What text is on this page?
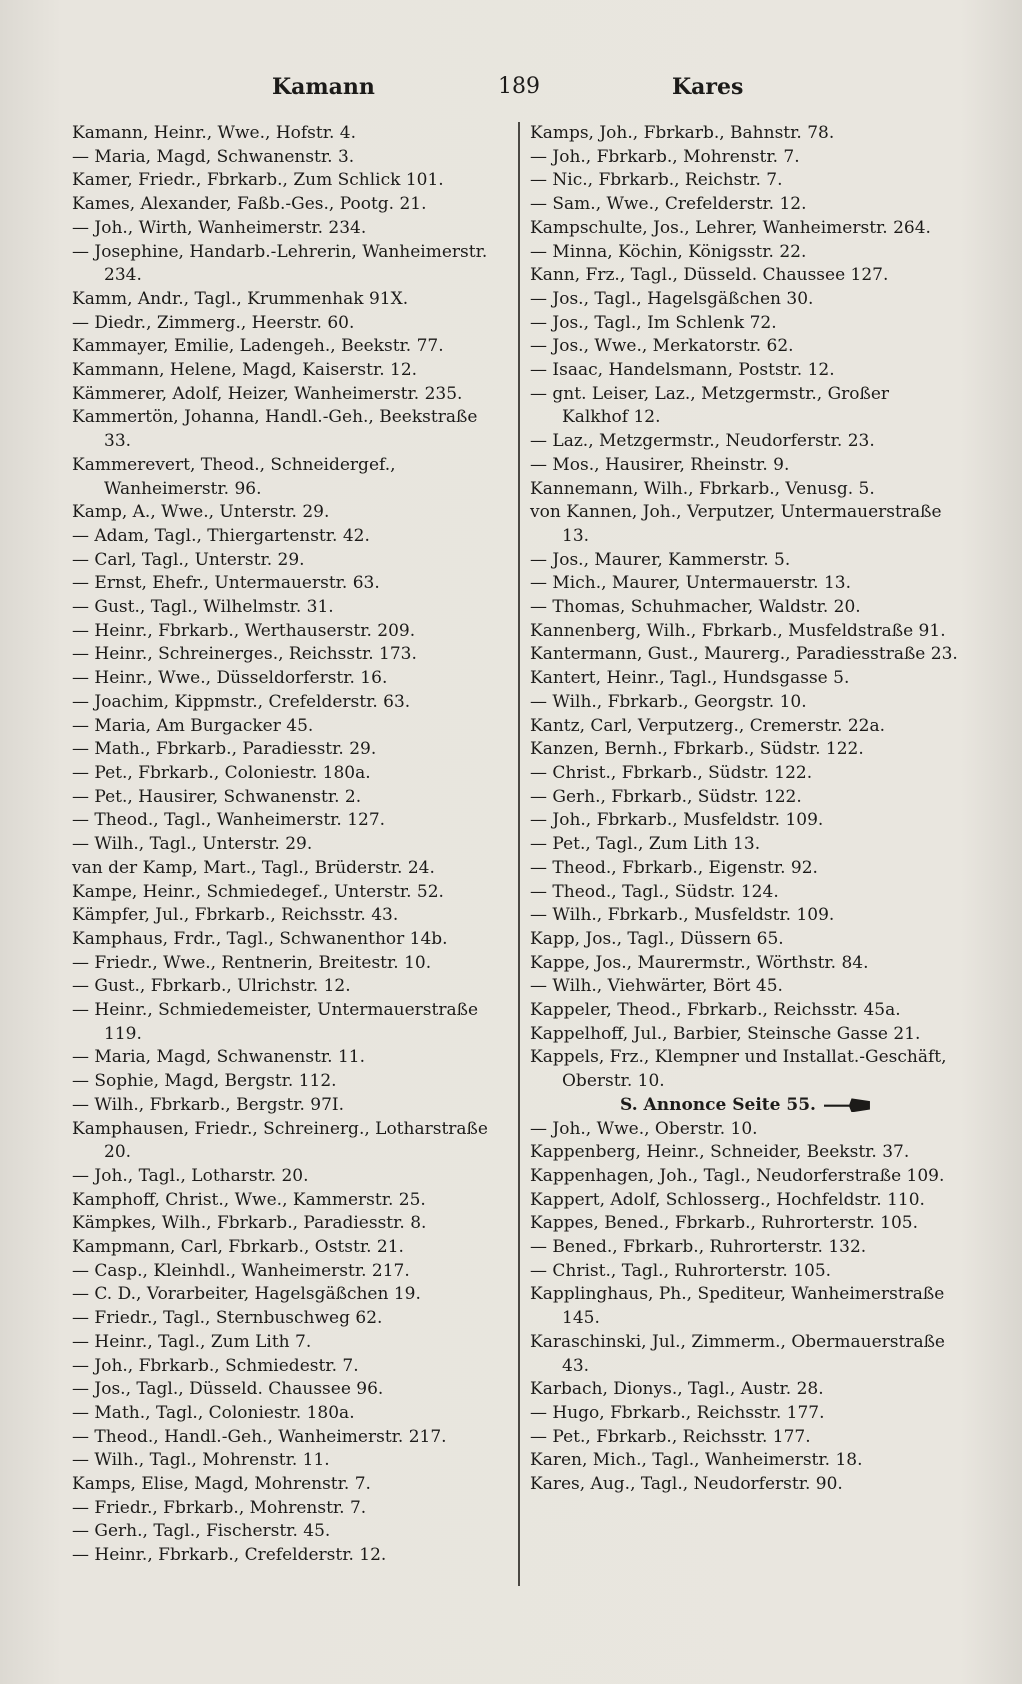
Kamann	189	Kares
Kamann, Heinr., Wwe., Hofstr. 4.
— Maria, Magd, Schwanenstr. 3.
Kamer, Friedr., Fbrkarb., Zum Schlick 101.
Kames, Alexander, Faßb.-Ges., Pootg. 21.
— Joh., Wirth, Wanheimerstr. 234.
— Josephine, Handarb.-Lehrerin, Wanheimerstr. 234.
Kamm, Andr., Tagl., Krummenhak 91X.
— Diedr., Zimmerg., Heerstr. 60.
Kammayer, Emilie, Ladengeh., Beekstr. 77.
Kammann, Helene, Magd, Kaiserstr. 12.
Kämmerer, Adolf, Heizer, Wanheimerstr. 235.
Kammertön, Johanna, Handl.-Geh., Beekstraße 33.
Kammerevert, Theod., Schneidergef., Wanheimerstr. 96.
Kamp, A., Wwe., Unterstr. 29.
— Adam, Tagl., Thiergartenstr. 42.
— Carl, Tagl., Unterstr. 29.
— Ernst, Ehefr., Untermauerstr. 63.
— Gust., Tagl., Wilhelmstr. 31.
— Heinr., Fbrkarb., Werthauserstr. 209.
— Heinr., Schreinerges., Reichsstr. 173.
— Heinr., Wwe., Düsseldorferstr. 16.
— Joachim, Kippmstr., Crefelderstr. 63.
— Maria, Am Burgacker 45.
— Math., Fbrkarb., Paradiesstr. 29.
— Pet., Fbrkarb., Coloniestr. 180a.
— Pet., Hausirer, Schwanenstr. 2.
— Theod., Tagl., Wanheimerstr. 127.
— Wilh., Tagl., Unterstr. 29.
van der Kamp, Mart., Tagl., Brüderstr. 24.
Kampe, Heinr., Schmiedegef., Unterstr. 52.
Kämpfer, Jul., Fbrkarb., Reichsstr. 43.
Kamphaus, Frdr., Tagl., Schwanenthor 14b.
— Friedr., Wwe., Rentnerin, Breitestr. 10.
— Gust., Fbrkarb., Ulrichstr. 12.
— Heinr., Schmiedemeister, Untermauerstraße 119.
— Maria, Magd, Schwanenstr. 11.
— Sophie, Magd, Bergstr. 112.
— Wilh., Fbrkarb., Bergstr. 97I.
Kamphausen, Friedr., Schreinerg., Lotharstraße 20.
— Joh., Tagl., Lotharstr. 20.
Kamphoff, Christ., Wwe., Kammerstr. 25.
Kämpkes, Wilh., Fbrkarb., Paradiesstr. 8.
Kampmann, Carl, Fbrkarb., Oststr. 21.
— Casp., Kleinhdl., Wanheimerstr. 217.
— C. D., Vorarbeiter, Hagelsgäßchen 19.
— Friedr., Tagl., Sternbuschweg 62.
— Heinr., Tagl., Zum Lith 7.
— Joh., Fbrkarb., Schmiedestr. 7.
— Jos., Tagl., Düsseld. Chaussee 96.
— Math., Tagl., Coloniestr. 180a.
— Theod., Handl.-Geh., Wanheimerstr. 217.
— Wilh., Tagl., Mohrenstr. 11.
Kamps, Elise, Magd, Mohrenstr. 7.
— Friedr., Fbrkarb., Mohrenstr. 7.
— Gerh., Tagl., Fischerstr. 45.
— Heinr., Fbrkarb., Crefelderstr. 12.
Kamps, Joh., Fbrkarb., Bahnstr. 78.
— Joh., Fbrkarb., Mohrenstr. 7.
— Nic., Fbrkarb., Reichstr. 7.
— Sam., Wwe., Crefelderstr. 12.
Kampschulte, Jos., Lehrer, Wanheimerstr. 264.
— Minna, Köchin, Königsstr. 22.
Kann, Frz., Tagl., Düsseld. Chaussee 127.
— Jos., Tagl., Hagelsgäßchen 30.
— Jos., Tagl., Im Schlenk 72.
— Jos., Wwe., Merkatorstr. 62.
— Isaac, Handelsmann, Poststr. 12.
— gnt. Leiser, Laz., Metzgermstr., Großer Kalkhof 12.
— Laz., Metzgermstr., Neudorferstr. 23.
— Mos., Hausirer, Rheinstr. 9.
Kannemann, Wilh., Fbrkarb., Venusg. 5.
von Kannen, Joh., Verputzer, Untermauerstraße 13.
— Jos., Maurer, Kammerstr. 5.
— Mich., Maurer, Untermauerstr. 13.
— Thomas, Schuhmacher, Waldstr. 20.
Kannenberg, Wilh., Fbrkarb., Musfeldstraße 91.
Kantermann, Gust., Maurerg., Paradiesstraße 23.
Kantert, Heinr., Tagl., Hundsgasse 5.
— Wilh., Fbrkarb., Georgstr. 10.
Kantz, Carl, Verputzerg., Cremerstr. 22a.
Kanzen, Bernh., Fbrkarb., Südstr. 122.
— Christ., Fbrkarb., Südstr. 122.
— Gerh., Fbrkarb., Südstr. 122.
— Joh., Fbrkarb., Musfeldstr. 109.
— Pet., Tagl., Zum Lith 13.
— Theod., Fbrkarb., Eigenstr. 92.
— Theod., Tagl., Südstr. 124.
— Wilh., Fbrkarb., Musfeldstr. 109.
Kapp, Jos., Tagl., Düssern 65.
Kappe, Jos., Maurermstr., Wörthstr. 84.
— Wilh., Viehwärter, Bört 45.
Kappeler, Theod., Fbrkarb., Reichsstr. 45a.
Kappelhoff, Jul., Barbier, Steinsche Gasse 21.
Kappels, Frz., Klempner und Installat.-Geschäft, Oberstr. 10.
S. Annonce Seite 55.
— Joh., Wwe., Oberstr. 10.
Kappenberg, Heinr., Schneider, Beekstr. 37.
Kappenhagen, Joh., Tagl., Neudorferstraße 109.
Kappert, Adolf, Schlosserg., Hochfeldstr. 110.
Kappes, Bened., Fbrkarb., Ruhrorterstr. 105.
— Bened., Fbrkarb., Ruhrorterstr. 132.
— Christ., Tagl., Ruhrorterstr. 105.
Kapplinghaus, Ph., Spediteur, Wanheimerstraße 145.
Karaschinski, Jul., Zimmerm., Obermauerstraße 43.
Karbach, Dionys., Tagl., Austr. 28.
— Hugo, Fbrkarb., Reichsstr. 177.
— Pet., Fbrkarb., Reichsstr. 177.
Karen, Mich., Tagl., Wanheimerstr. 18.
Kares, Aug., Tagl., Neudorferstr. 90.
